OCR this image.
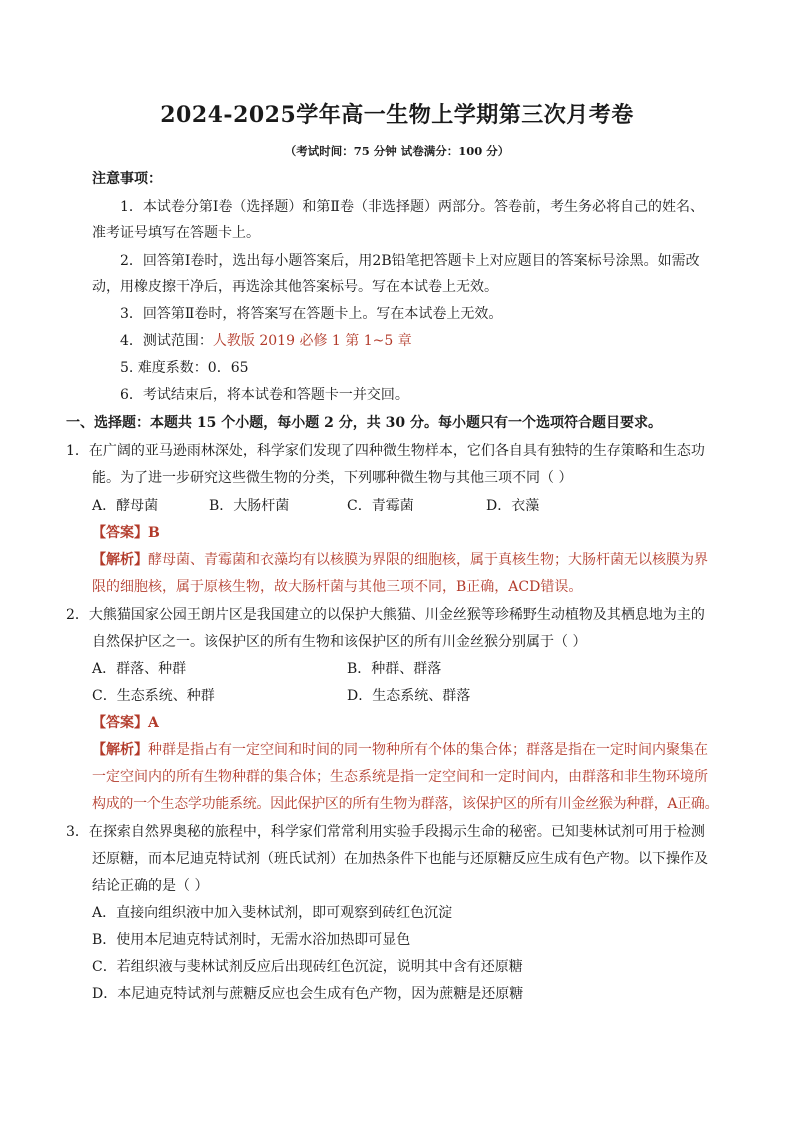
2024-2025学年高一生物上学期第三次月考卷
（考试时间：75 分钟 试卷满分：100 分）
注意事项：
1．本试卷分第Ⅰ卷（选择题）和第Ⅱ卷（非选择题）两部分。答卷前，考生务必将自己的姓名、
准考证号填写在答题卡上。
2．回答第Ⅰ卷时，选出每小题答案后，用2B铅笔把答题卡上对应题目的答案标号涂黑。如需改
动，用橡皮擦干净后，再选涂其他答案标号。写在本试卷上无效。
3．回答第Ⅱ卷时，将答案写在答题卡上。写在本试卷上无效。
4．测试范围：人教版 2019 必修 1 第 1~5 章
5. 难度系数：0．65
6．考试结束后，将本试卷和答题卡一并交回。
一、选择题：本题共 15 个小题，每小题 2 分，共 30 分。每小题只有一个选项符合题目要求。
1．在广阔的亚马逊雨林深处，科学家们发现了四种微生物样本，它们各自具有独特的生存策略和生态功
能。为了进一步研究这些微生物的分类，下列哪种微生物与其他三项不同（ ）
A．酵母菌	B．大肠杆菌	C．青霉菌	D．衣藻
【答案】B
【解析】酵母菌、青霉菌和衣藻均有以核膜为界限的细胞核，属于真核生物；大肠杆菌无以核膜为界
限的细胞核，属于原核生物，故大肠杆菌与其他三项不同，B正确，ACD错误。
2．大熊猫国家公园王朗片区是我国建立的以保护大熊猫、川金丝猴等珍稀野生动植物及其栖息地为主的
自然保护区之一。该保护区的所有生物和该保护区的所有川金丝猴分别属于（ ）
A．群落、种群	B．种群、群落
C．生态系统、种群	D．生态系统、群落
【答案】A
【解析】种群是指占有一定空间和时间的同一物种所有个体的集合体；群落是指在一定时间内聚集在
一定空间内的所有生物种群的集合体；生态系统是指一定空间和一定时间内，由群落和非生物环境所
构成的一个生态学功能系统。因此保护区的所有生物为群落，该保护区的所有川金丝猴为种群，A正确。
3．在探索自然界奥秘的旅程中，科学家们常常利用实验手段揭示生命的秘密。已知斐林试剂可用于检测
还原糖，而本尼迪克特试剂（班氏试剂）在加热条件下也能与还原糖反应生成有色产物。以下操作及
结论正确的是（ ）
A．直接向组织液中加入斐林试剂，即可观察到砖红色沉淀
B．使用本尼迪克特试剂时，无需水浴加热即可显色
C．若组织液与斐林试剂反应后出现砖红色沉淀，说明其中含有还原糖
D．本尼迪克特试剂与蔗糖反应也会生成有色产物，因为蔗糖是还原糖
